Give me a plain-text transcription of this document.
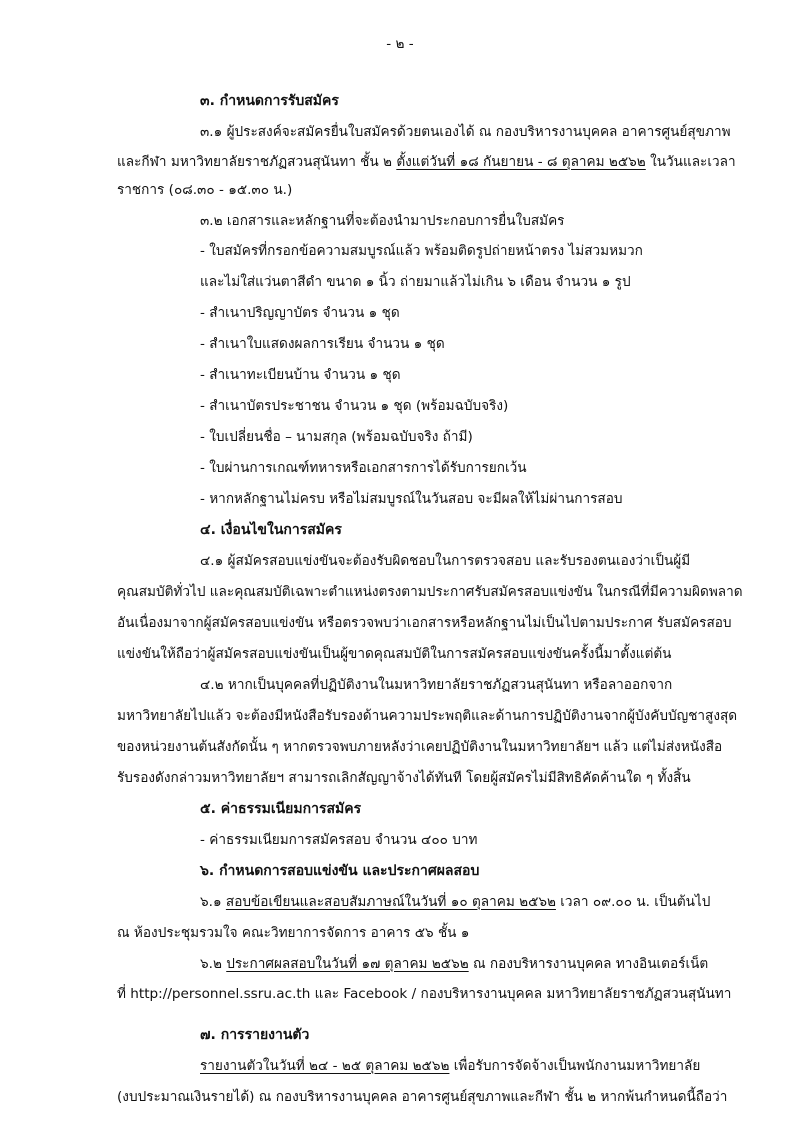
- ๒ -
๓. กำหนดการรับสมัคร
๓.๑ ผู้ประสงค์จะสมัครยื่นใบสมัครด้วยตนเองได้ ณ กองบริหารงานบุคคล อาคารศูนย์สุขภาพ
และกีฬา มหาวิทยาลัยราชภัฏสวนสุนันทา ชั้น ๒ ตั้งแต่วันที่ ๑๘ กันยายน - ๘ ตุลาคม ๒๕๖๒ ในวันและเวลา
ราชการ (๐๘.๓๐ - ๑๕.๓๐ น.)
๓.๒ เอกสารและหลักฐานที่จะต้องนำมาประกอบการยื่นใบสมัคร
- ใบสมัครที่กรอกข้อความสมบูรณ์แล้ว พร้อมติดรูปถ่ายหน้าตรง ไม่สวมหมวก
และไม่ใส่แว่นตาสีดำ ขนาด ๑ นิ้ว ถ่ายมาแล้วไม่เกิน ๖ เดือน จำนวน ๑ รูป
- สำเนาปริญญาบัตร จำนวน ๑ ชุด
- สำเนาใบแสดงผลการเรียน จำนวน ๑ ชุด
- สำเนาทะเบียนบ้าน จำนวน ๑ ชุด
- สำเนาบัตรประชาชน จำนวน ๑ ชุด (พร้อมฉบับจริง)
- ใบเปลี่ยนชื่อ – นามสกุล (พร้อมฉบับจริง ถ้ามี)
- ใบผ่านการเกณฑ์ทหารหรือเอกสารการได้รับการยกเว้น
- หากหลักฐานไม่ครบ หรือไม่สมบูรณ์ในวันสอบ จะมีผลให้ไม่ผ่านการสอบ
๔. เงื่อนไขในการสมัคร
๔.๑ ผู้สมัครสอบแข่งขันจะต้องรับผิดชอบในการตรวจสอบ และรับรองตนเองว่าเป็นผู้มี
คุณสมบัติทั่วไป และคุณสมบัติเฉพาะตำแหน่งตรงตามประกาศรับสมัครสอบแข่งขัน ในกรณีที่มีความผิดพลาด
อันเนื่องมาจากผู้สมัครสอบแข่งขัน หรือตรวจพบว่าเอกสารหรือหลักฐานไม่เป็นไปตามประกาศ รับสมัครสอบ
แข่งขันให้ถือว่าผู้สมัครสอบแข่งขันเป็นผู้ขาดคุณสมบัติในการสมัครสอบแข่งขันครั้งนี้มาตั้งแต่ต้น
๔.๒ หากเป็นบุคคลที่ปฏิบัติงานในมหาวิทยาลัยราชภัฏสวนสุนันทา หรือลาออกจาก
มหาวิทยาลัยไปแล้ว จะต้องมีหนังสือรับรองด้านความประพฤติและด้านการปฏิบัติงานจากผู้บังคับบัญชาสูงสุด
ของหน่วยงานต้นสังกัดนั้น ๆ หากตรวจพบภายหลังว่าเคยปฏิบัติงานในมหาวิทยาลัยฯ แล้ว แต่ไม่ส่งหนังสือ
รับรองดังกล่าวมหาวิทยาลัยฯ สามารถเลิกสัญญาจ้างได้ทันที โดยผู้สมัครไม่มีสิทธิคัดค้านใด ๆ ทั้งสิ้น
๕. ค่าธรรมเนียมการสมัคร
- ค่าธรรมเนียมการสมัครสอบ จำนวน ๔๐๐ บาท
๖. กำหนดการสอบแข่งขัน และประกาศผลสอบ
๖.๑ สอบข้อเขียนและสอบสัมภาษณ์ในวันที่ ๑๐ ตุลาคม ๒๕๖๒ เวลา ๐๙.๐๐ น. เป็นต้นไป
ณ ห้องประชุมรวมใจ คณะวิทยาการจัดการ อาคาร ๕๖ ชั้น ๑
๖.๒ ประกาศผลสอบในวันที่ ๑๗ ตุลาคม ๒๕๖๒ ณ กองบริหารงานบุคคล ทางอินเตอร์เน็ต
ที่ http://personnel.ssru.ac.th และ Facebook / กองบริหารงานบุคคล มหาวิทยาลัยราชภัฏสวนสุนันทา
๗. การรายงานตัว
รายงานตัวในวันที่ ๒๔ - ๒๕ ตุลาคม ๒๕๖๒ เพื่อรับการจัดจ้างเป็นพนักงานมหาวิทยาลัย
(งบประมาณเงินรายได้) ณ กองบริหารงานบุคคล อาคารศูนย์สุขภาพและกีฬา ชั้น ๒ หากพ้นกำหนดนี้ถือว่า
